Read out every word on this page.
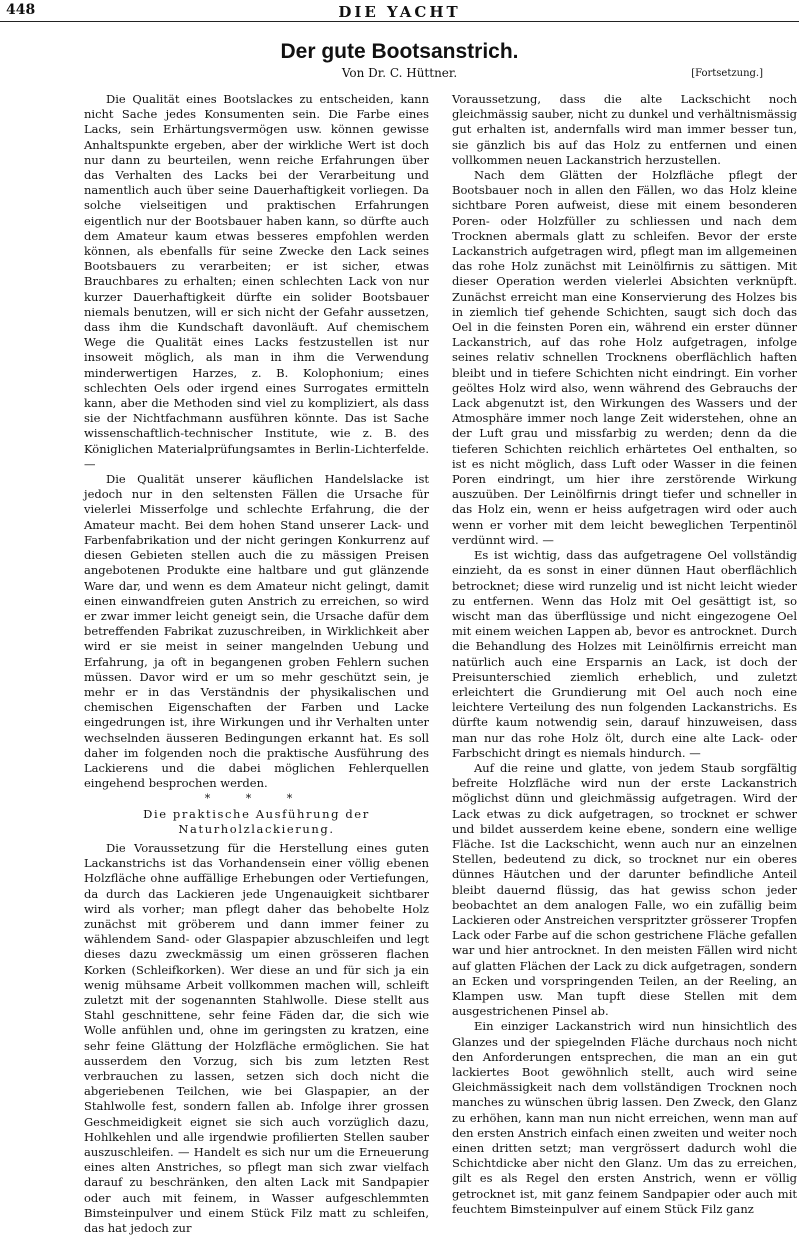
448	DIE YACHT

Der gute Bootsanstrich.

Von Dr. C. Hüttner.	[Fortsetzung.]

Die Qualität eines Bootslackes zu entscheiden, kann nicht Sache jedes Konsumenten sein. Die Farbe eines Lacks, sein Erhärtungsvermögen usw. können gewisse Anhaltspunkte ergeben, aber der wirkliche Wert ist doch nur dann zu beurteilen, wenn reiche Erfahrungen über das Verhalten des Lacks bei der Verarbeitung und namentlich auch über seine Dauerhaftigkeit vorliegen. Da solche vielseitigen und praktischen Erfahrungen eigentlich nur der Bootsbauer haben kann, so dürfte auch dem Amateur kaum etwas besseres empfohlen werden können, als ebenfalls für seine Zwecke den Lack seines Bootsbauers zu verarbeiten; er ist sicher, etwas Brauchbares zu erhalten; einen schlechten Lack von nur kurzer Dauerhaftigkeit dürfte ein solider Bootsbauer niemals benutzen, will er sich nicht der Gefahr aussetzen, dass ihm die Kundschaft davonläuft. Auf chemischem Wege die Qualität eines Lacks festzustellen ist nur insoweit möglich, als man in ihm die Verwendung minderwertigen Harzes, z. B. Kolophonium; eines schlechten Oels oder irgend eines Surrogates ermitteln kann, aber die Methoden sind viel zu kompliziert, als dass sie der Nichtfachmann ausführen könnte. Das ist Sache wissenschaftlich-technischer Institute, wie z. B. des Königlichen Materialprüfungsamtes in Berlin-Lichterfelde. —

Die Qualität unserer käuflichen Handelslacke ist jedoch nur in den seltensten Fällen die Ursache für vielerlei Misserfolge und schlechte Erfahrung, die der Amateur macht. Bei dem hohen Stand unserer Lack- und Farbenfabrikation und der nicht geringen Konkurrenz auf diesen Gebieten stellen auch die zu mässigen Preisen angebotenen Produkte eine haltbare und gut glänzende Ware dar, und wenn es dem Amateur nicht gelingt, damit einen einwandfreien guten Anstrich zu erreichen, so wird er zwar immer leicht geneigt sein, die Ursache dafür dem betreffenden Fabrikat zuzuschreiben, in Wirklichkeit aber wird er sie meist in seiner mangelnden Uebung und Erfahrung, ja oft in begangenen groben Fehlern suchen müssen. Davor wird er um so mehr geschützt sein, je mehr er in das Verständnis der physikalischen und chemischen Eigenschaften der Farben und Lacke eingedrungen ist, ihre Wirkungen und ihr Verhalten unter wechselnden äusseren Bedingungen erkannt hat. Es soll daher im folgenden noch die praktische Ausführung des Lackierens und die dabei möglichen Fehlerquellen eingehend besprochen werden.

* * *

Die praktische Ausführung der Naturholzlackierung.

Die Voraussetzung für die Herstellung eines guten Lackanstrichs ist das Vorhandensein einer völlig ebenen Holzfläche ohne auffällige Erhebungen oder Vertiefungen, da durch das Lackieren jede Ungenauigkeit sichtbarer wird als vorher; man pflegt daher das behobelte Holz zunächst mit gröberem und dann immer feiner zu wählendem Sand- oder Glaspapier abzuschleifen und legt dieses dazu zweckmässig um einen grösseren flachen Korken (Schleifkorken). Wer diese an und für sich ja ein wenig mühsame Arbeit vollkommen machen will, schleift zuletzt mit der sogenannten Stahlwolle. Diese stellt aus Stahl geschnittene, sehr feine Fäden dar, die sich wie Wolle anfühlen und, ohne im geringsten zu kratzen, eine sehr feine Glättung der Holzfläche ermöglichen. Sie hat ausserdem den Vorzug, sich bis zum letzten Rest verbrauchen zu lassen, setzen sich doch nicht die abgeriebenen Teilchen, wie bei Glaspapier, an der Stahlwolle fest, sondern fallen ab. Infolge ihrer grossen Geschmeidigkeit eignet sie sich auch vorzüglich dazu, Hohlkehlen und alle irgendwie profilierten Stellen sauber auszuschleifen. — Handelt es sich nur um die Erneuerung eines alten Anstriches, so pflegt man sich zwar vielfach darauf zu beschränken, den alten Lack mit Sandpapier oder auch mit feinem, in Wasser aufgeschlemmten Bimsteinpulver und einem Stück Filz matt zu schleifen, das hat jedoch zur

Voraussetzung, dass die alte Lackschicht noch gleichmässig sauber, nicht zu dunkel und verhältnismässig gut erhalten ist, andernfalls wird man immer besser tun, sie gänzlich bis auf das Holz zu entfernen und einen vollkommen neuen Lackanstrich herzustellen.

Nach dem Glätten der Holzfläche pflegt der Bootsbauer noch in allen den Fällen, wo das Holz kleine sichtbare Poren aufweist, diese mit einem besonderen Poren- oder Holzfüller zu schliessen und nach dem Trocknen abermals glatt zu schleifen. Bevor der erste Lackanstrich aufgetragen wird, pflegt man im allgemeinen das rohe Holz zunächst mit Leinölfirnis zu sättigen. Mit dieser Operation werden vielerlei Absichten verknüpft. Zunächst erreicht man eine Konservierung des Holzes bis in ziemlich tief gehende Schichten, saugt sich doch das Oel in die feinsten Poren ein, während ein erster dünner Lackanstrich, auf das rohe Holz aufgetragen, infolge seines relativ schnellen Trocknens oberflächlich haften bleibt und in tiefere Schichten nicht eindringt. Ein vorher geöltes Holz wird also, wenn während des Gebrauchs der Lack abgenutzt ist, den Wirkungen des Wassers und der Atmosphäre immer noch lange Zeit widerstehen, ohne an der Luft grau und missfarbig zu werden; denn da die tieferen Schichten reichlich erhärtetes Oel enthalten, so ist es nicht möglich, dass Luft oder Wasser in die feinen Poren eindringt, um hier ihre zerstörende Wirkung auszuüben. Der Leinölfirnis dringt tiefer und schneller in das Holz ein, wenn er heiss aufgetragen wird oder auch wenn er vorher mit dem leicht beweglichen Terpentinöl verdünnt wird. —

Es ist wichtig, dass das aufgetragene Oel vollständig einzieht, da es sonst in einer dünnen Haut oberflächlich betrocknet; diese wird runzelig und ist nicht leicht wieder zu entfernen. Wenn das Holz mit Oel gesättigt ist, so wischt man das überflüssige und nicht eingezogene Oel mit einem weichen Lappen ab, bevor es antrocknet. Durch die Behandlung des Holzes mit Leinölfirnis erreicht man natürlich auch eine Ersparnis an Lack, ist doch der Preisunterschied ziemlich erheblich, und zuletzt erleichtert die Grundierung mit Oel auch noch eine leichtere Verteilung des nun folgenden Lackanstrichs. Es dürfte kaum notwendig sein, darauf hinzuweisen, dass man nur das rohe Holz ölt, durch eine alte Lack- oder Farbschicht dringt es niemals hindurch. —

Auf die reine und glatte, von jedem Staub sorgfältig befreite Holzfläche wird nun der erste Lackanstrich möglichst dünn und gleichmässig aufgetragen. Wird der Lack etwas zu dick aufgetragen, so trocknet er schwer und bildet ausserdem keine ebene, sondern eine wellige Fläche. Ist die Lackschicht, wenn auch nur an einzelnen Stellen, bedeutend zu dick, so trocknet nur ein oberes dünnes Häutchen und der darunter befindliche Anteil bleibt dauernd flüssig, das hat gewiss schon jeder beobachtet an dem analogen Falle, wo ein zufällig beim Lackieren oder Anstreichen verspritzter grösserer Tropfen Lack oder Farbe auf die schon gestrichene Fläche gefallen war und hier antrocknet. In den meisten Fällen wird nicht auf glatten Flächen der Lack zu dick aufgetragen, sondern an Ecken und vorspringenden Teilen, an der Reeling, an Klampen usw. Man tupft diese Stellen mit dem ausgestrichenen Pinsel ab.

Ein einziger Lackanstrich wird nun hinsichtlich des Glanzes und der spiegelnden Fläche durchaus noch nicht den Anforderungen entsprechen, die man an ein gut lackiertes Boot gewöhnlich stellt, auch wird seine Gleichmässigkeit nach dem vollständigen Trocknen noch manches zu wünschen übrig lassen. Den Zweck, den Glanz zu erhöhen, kann man nun nicht erreichen, wenn man auf den ersten Anstrich einfach einen zweiten und weiter noch einen dritten setzt; man vergrössert dadurch wohl die Schichtdicke aber nicht den Glanz. Um das zu erreichen, gilt es als Regel den ersten Anstrich, wenn er völlig getrocknet ist, mit ganz feinem Sandpapier oder auch mit feuchtem Bimsteinpulver auf einem Stück Filz ganz
